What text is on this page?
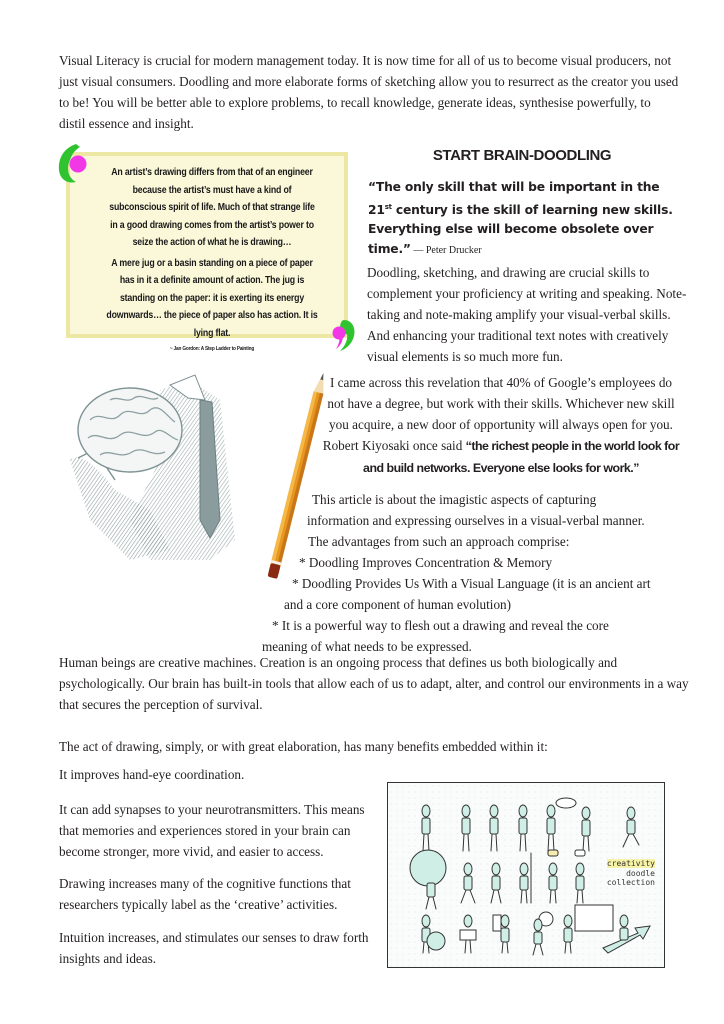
Visual Literacy is crucial for modern management today. It is now time for all of us to become visual producers, not just visual consumers. Doodling and more elaborate forms of sketching allow you to resurrect as the creator you used to be! You will be better able to explore problems, to recall knowledge, generate ideas, synthesise powerfully, to distil essence and insight.

An artist’s drawing differs from that of an engineer because the artist’s must have a kind of subconscious spirit of life. Much of that strange life in a good drawing comes from the artist’s power to seize the action of what he is drawing…

A mere jug or a basin standing on a piece of paper has in it a definite amount of action. The jug is standing on the paper: it is exerting its energy downwards… the piece of paper also has action. It is lying flat.

~ Jan Gordon: A Step Ladder to Painting

START BRAIN-DOODLING

“The only skill that will be important in the 21st century is the skill of learning new skills. Everything else will become obsolete over time.” — Peter Drucker

Doodling, sketching, and drawing are crucial skills to complement your proficiency at writing and speaking. Note-taking and note-making amplify your visual-verbal skills. And enhancing your traditional text notes with creatively visual elements is so much more fun.

I came across this revelation that 40% of Google’s employees do not have a degree, but work with their skills. Whichever new skill you acquire, a new door of opportunity will always open for you. Robert Kiyosaki once said “the richest people in the world look for and build networks. Everyone else looks for work.”

This article is about the imagistic aspects of capturing

information and expressing ourselves in a visual-verbal manner.

The advantages from such an approach comprise:

* Doodling Improves Concentration & Memory

* Doodling Provides Us With a Visual Language (it is an ancient art

and a core component of human evolution)

* It is a powerful way to flesh out a drawing and reveal the core

meaning of what needs to be expressed.

Human beings are creative machines. Creation is an ongoing process that defines us both biologically and psychologically. Our brain has built-in tools that allow each of us to adapt, alter, and control our environments in a way that secures the perception of survival.

The act of drawing, simply, or with great elaboration, has many benefits embedded within it:

It improves hand-eye coordination.

It can add synapses to your neurotransmitters. This means that memories and experiences stored in your brain can become stronger, more vivid, and easier to access.

Drawing increases many of the cognitive functions that researchers typically label as the ‘creative’ activities.

Intuition increases, and stimulates our senses to draw forth insights and ideas.

creativity
doodle
collection
